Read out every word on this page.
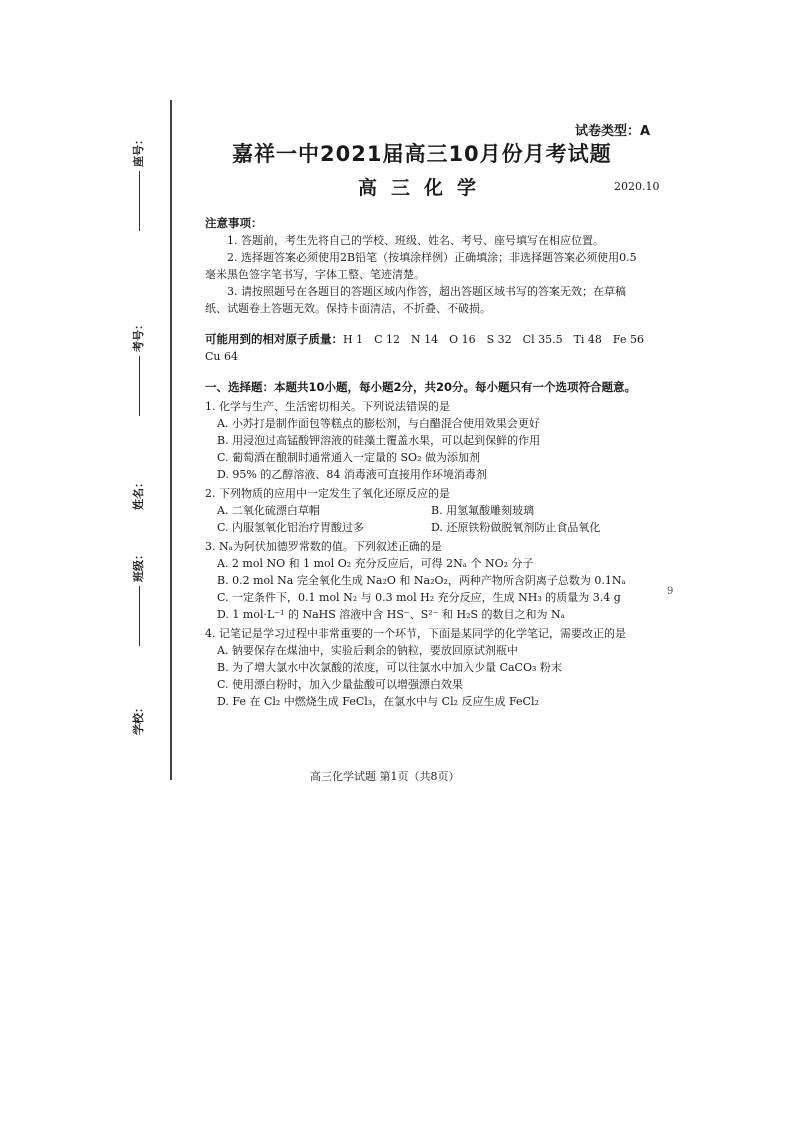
座号：
考号：
姓名：
班级：
学校：
试卷类型：A
嘉祥一中2021届高三10月份月考试题
高三化学	2020.10
注意事项：

1. 答题前，考生先将自己的学校、班级、姓名、考号、座号填写在相应位置。

2. 选择题答案必须使用2B铅笔（按填涂样例）正确填涂；非选择题答案必须使用0.5毫米黑色签字笔书写，字体工整、笔迹清楚。

3. 请按照题号在各题目的答题区域内作答，超出答题区域书写的答案无效；在草稿纸、试题卷上答题无效。保持卡面清洁，不折叠、不破损。

可能用到的相对原子质量：H 1　C 12　N 14　O 16　S 32　Cl 35.5　Ti 48　Fe 56　Cu 64
一、选择题：本题共10小题，每小题2分，共20分。每小题只有一个选项符合题意。
1. 化学与生产、生活密切相关。下列说法错误的是
A. 小苏打是制作面包等糕点的膨松剂，与白醋混合使用效果会更好
B. 用浸泡过高锰酸钾溶液的硅藻土覆盖水果，可以起到保鲜的作用
C. 葡萄酒在酿制时通常通入一定量的 SO₂ 做为添加剂
D. 95% 的乙醇溶液、84 消毒液可直接用作环境消毒剂
2. 下列物质的应用中一定发生了氧化还原反应的是
A. 二氧化硫漂白草帽	B. 用氢氟酸雕刻玻璃
C. 内服氢氧化铝治疗胃酸过多	D. 还原铁粉做脱氧剂防止食品氧化
3. Nₐ为阿伏加德罗常数的值。下列叙述正确的是
A. 2 mol NO 和 1 mol O₂ 充分反应后，可得 2Nₐ 个 NO₂ 分子
B. 0.2 mol Na 完全氧化生成 Na₂O 和 Na₂O₂，两种产物所含阴离子总数为 0.1Nₐ
C. 一定条件下，0.1 mol N₂ 与 0.3 mol H₂ 充分反应，生成 NH₃ 的质量为 3.4 g
D. 1 mol·L⁻¹ 的 NaHS 溶液中含 HS⁻、S²⁻ 和 H₂S 的数目之和为 Nₐ
4. 记笔记是学习过程中非常重要的一个环节，下面是某同学的化学笔记，需要改正的是
A. 钠要保存在煤油中，实验后剩余的钠粒，要放回原试剂瓶中
B. 为了增大氯水中次氯酸的浓度，可以往氯水中加入少量 CaCO₃ 粉末
C. 使用漂白粉时，加入少量盐酸可以增强漂白效果
D. Fe 在 Cl₂ 中燃烧生成 FeCl₃，在氯水中与 Cl₂ 反应生成 FeCl₂
高三化学试题 第1页（共8页）
9
